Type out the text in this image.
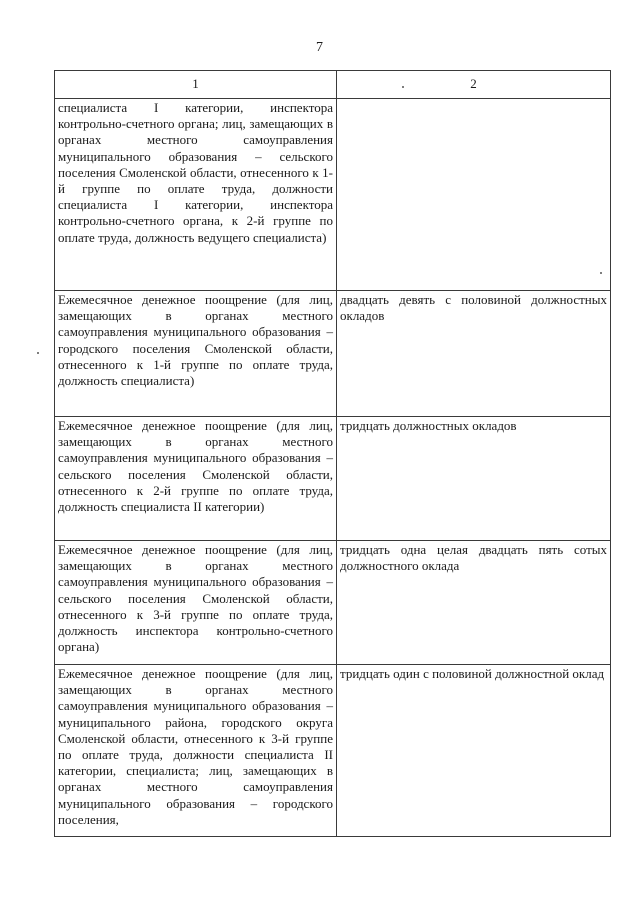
7
1	2
специалиста I категории, инспектора контрольно-счетного органа; лиц, замещающих в органах местного самоуправления муниципального образования – сельского поселения Смоленской области, отнесенного к 1-й группе по оплате труда, должности специалиста I категории, инспектора контрольно-счетного органа, к 2-й группе по оплате труда, должность ведущего специалиста)	
Ежемесячное денежное поощрение (для лиц, замещающих в органах местного самоуправления муниципального образования – городского поселения Смоленской области, отнесенного к 1-й группе по оплате труда, должность специалиста)	двадцать девять с половиной должностных окладов
Ежемесячное денежное поощрение (для лиц, замещающих в органах местного самоуправления муниципального образования – сельского поселения Смоленской области, отнесенного к 2-й группе по оплате труда, должность специалиста II категории)	тридцать должностных окладов
Ежемесячное денежное поощрение (для лиц, замещающих в органах местного самоуправления муниципального образования – сельского поселения Смоленской области, отнесенного к 3-й группе по оплате труда, должность инспектора контрольно-счетного органа)	тридцать одна целая двадцать пять сотых должностного оклада
Ежемесячное денежное поощрение (для лиц, замещающих в органах местного самоуправления муниципального образования – муниципального района, городского округа Смоленской области, отнесенного к 3-й группе по оплате труда, должности специалиста II категории, специалиста; лиц, замещающих в органах местного самоуправления муниципального образования – городского поселения,	тридцать один с половиной должностной оклад
